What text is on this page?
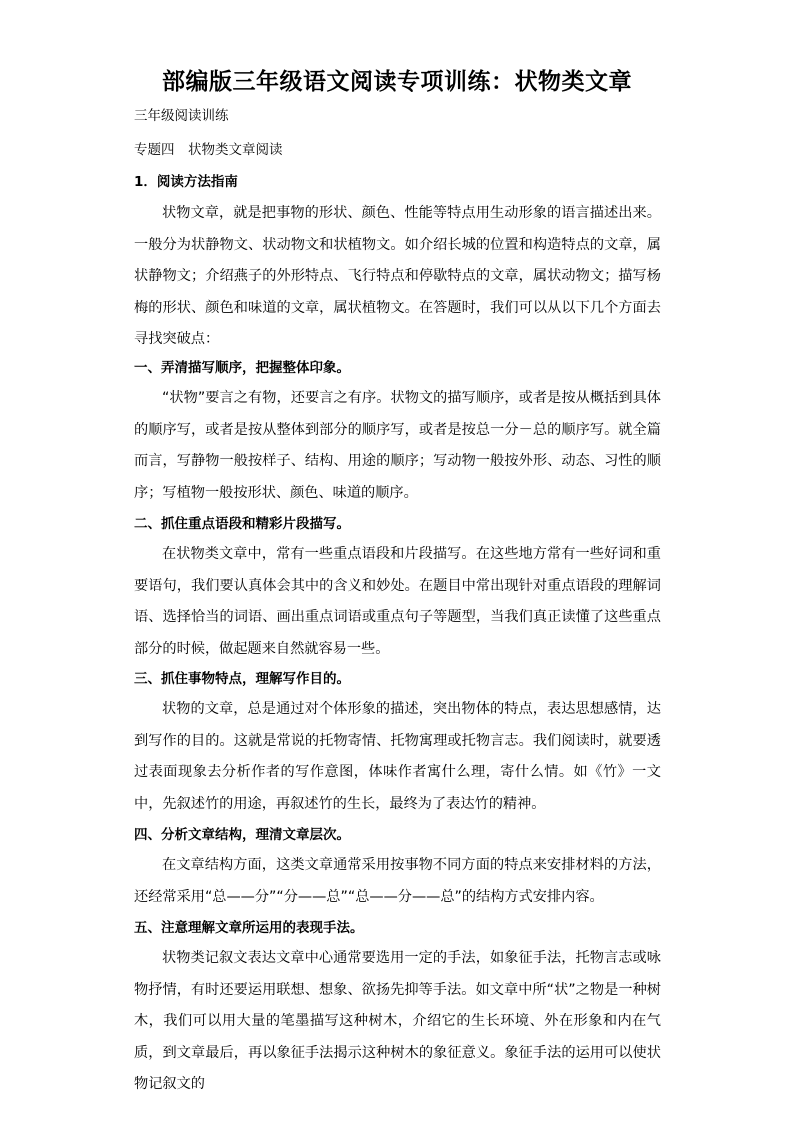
部编版三年级语文阅读专项训练：状物类文章
三年级阅读训练
专题四　状物类文章阅读
1．阅读方法指南
状物文章，就是把事物的形状、颜色、性能等特点用生动形象的语言描述出来。一般分为状静物文、状动物文和状植物文。如介绍长城的位置和构造特点的文章，属状静物文；介绍燕子的外形特点、飞行特点和停歇特点的文章，属状动物文；描写杨梅的形状、颜色和味道的文章，属状植物文。在答题时，我们可以从以下几个方面去寻找突破点：
一、弄清描写顺序，把握整体印象。
“状物”要言之有物，还要言之有序。状物文的描写顺序，或者是按从概括到具体的顺序写，或者是按从整体到部分的顺序写，或者是按总一分－总的顺序写。就全篇而言，写静物一般按样子、结构、用途的顺序；写动物一般按外形、动态、习性的顺序；写植物一般按形状、颜色、味道的顺序。
二、抓住重点语段和精彩片段描写。
在状物类文章中，常有一些重点语段和片段描写。在这些地方常有一些好词和重要语句，我们要认真体会其中的含义和妙处。在题目中常出现针对重点语段的理解词语、选择恰当的词语、画出重点词语或重点句子等题型，当我们真正读懂了这些重点部分的时候，做起题来自然就容易一些。
三、抓住事物特点，理解写作目的。
状物的文章，总是通过对个体形象的描述，突出物体的特点，表达思想感情，达到写作的目的。这就是常说的托物寄情、托物寓理或托物言志。我们阅读时，就要透过表面现象去分析作者的写作意图，体味作者寓什么理，寄什么情。如《竹》一文中，先叙述竹的用途，再叙述竹的生长，最终为了表达竹的精神。
四、分析文章结构，理清文章层次。
在文章结构方面，这类文章通常采用按事物不同方面的特点来安排材料的方法，还经常采用“总——分”“分——总”“总——分——总”的结构方式安排内容。
五、注意理解文章所运用的表现手法。
状物类记叙文表达文章中心通常要选用一定的手法，如象征手法，托物言志或咏物抒情，有时还要运用联想、想象、欲扬先抑等手法。如文章中所“状”之物是一种树木，我们可以用大量的笔墨描写这种树木，介绍它的生长环境、外在形象和内在气质，到文章最后，再以象征手法揭示这种树木的象征意义。象征手法的运用可以使状物记叙文的
